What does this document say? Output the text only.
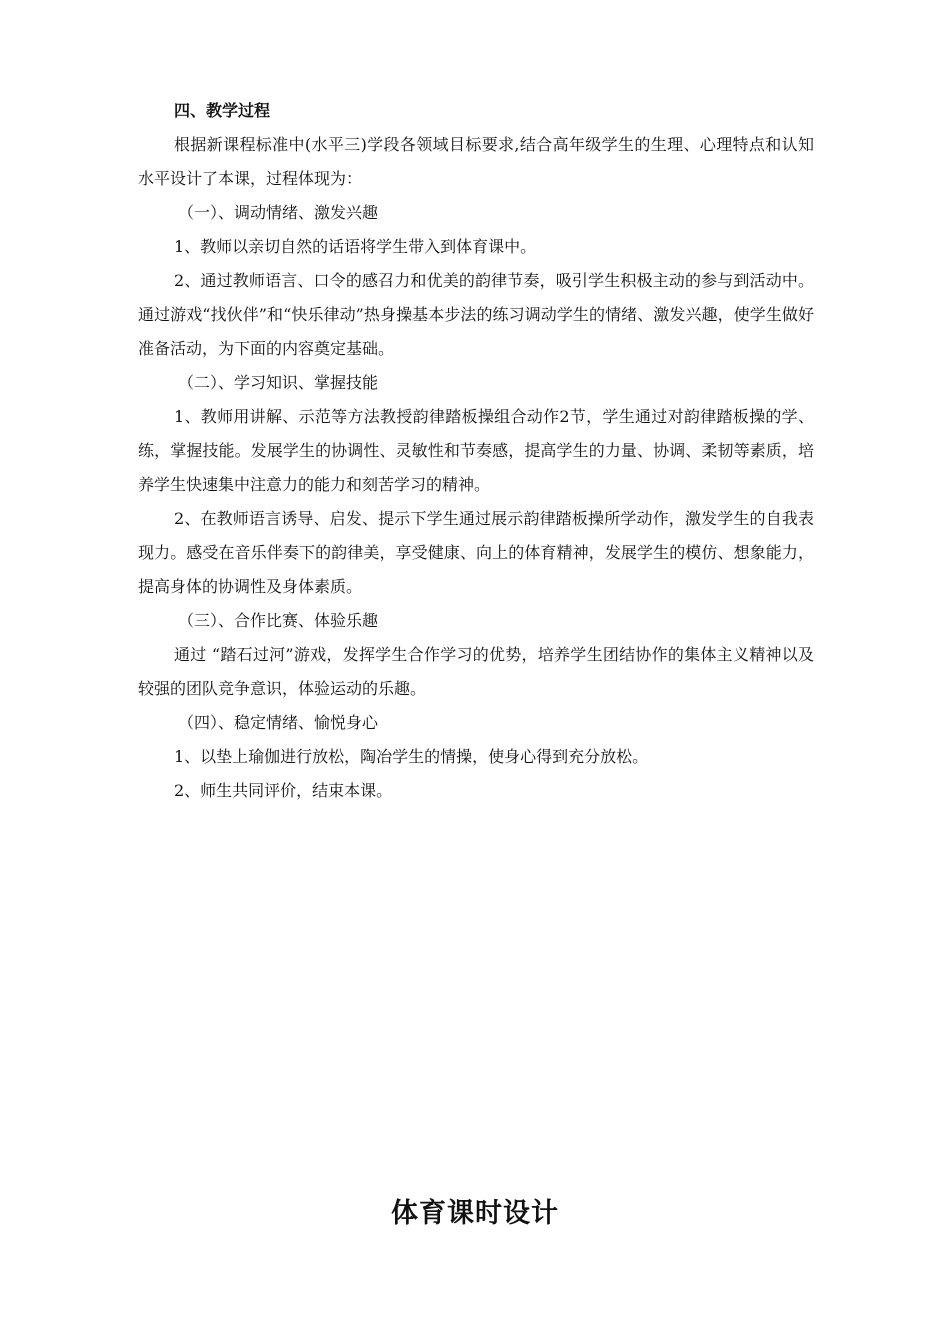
四、教学过程

根据新课程标准中(水平三)学段各领域目标要求,结合高年级学生的生理、心理特点和认知水平设计了本课，过程体现为：

（一）、调动情绪、激发兴趣

1、教师以亲切自然的话语将学生带入到体育课中。

2、通过教师语言、口令的感召力和优美的韵律节奏，吸引学生积极主动的参与到活动中。通过游戏“找伙伴”和“快乐律动”热身操基本步法的练习调动学生的情绪、激发兴趣，使学生做好准备活动，为下面的内容奠定基础。

（二）、学习知识、掌握技能

1、教师用讲解、示范等方法教授韵律踏板操组合动作2节，学生通过对韵律踏板操的学、练，掌握技能。发展学生的协调性、灵敏性和节奏感，提高学生的力量、协调、柔韧等素质，培养学生快速集中注意力的能力和刻苦学习的精神。

2、在教师语言诱导、启发、提示下学生通过展示韵律踏板操所学动作，激发学生的自我表现力。感受在音乐伴奏下的韵律美，享受健康、向上的体育精神，发展学生的模仿、想象能力，提高身体的协调性及身体素质。

（三）、合作比赛、体验乐趣

通过 “踏石过河”游戏，发挥学生合作学习的优势，培养学生团结协作的集体主义精神以及较强的团队竞争意识，体验运动的乐趣。

（四）、稳定情绪、愉悦身心

1、以垫上瑜伽进行放松，陶冶学生的情操，使身心得到充分放松。

2、师生共同评价，结束本课。

体育课时设计
